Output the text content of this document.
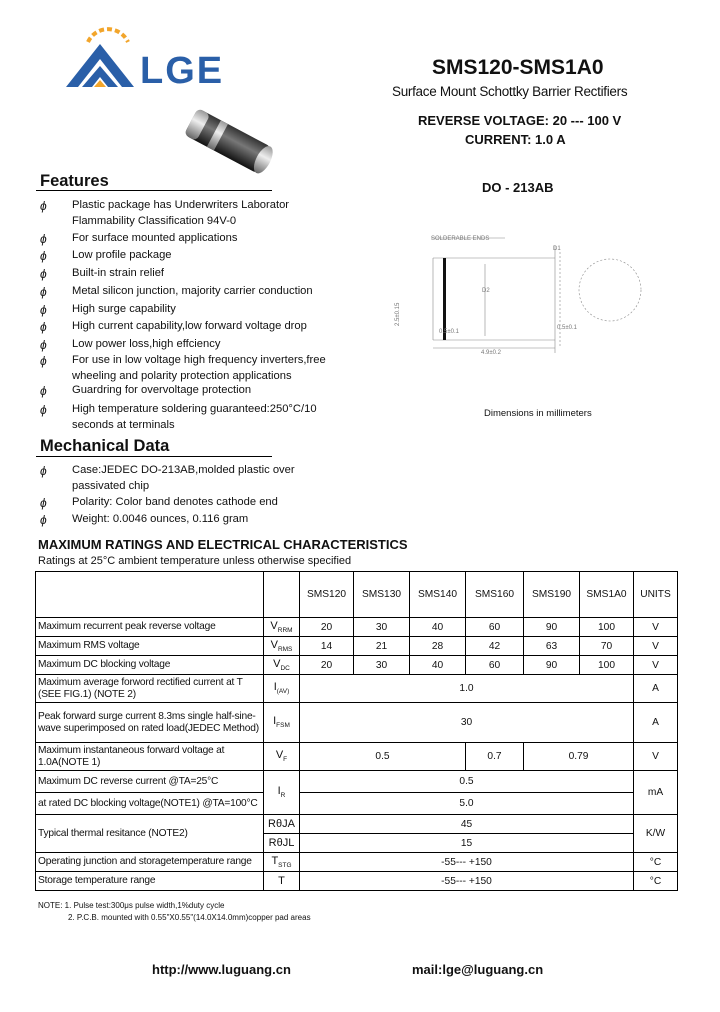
LGE	SMS120-SMS1A0
Surface Mount Schottky Barrier Rectifiers
REVERSE VOLTAGE: 20 --- 100 V
CURRENT: 1.0 A
DO - 213AB
Features
ϕ Plastic package has Underwriters Laborator Flammability Classification 94V-0
ϕ For surface mounted applications
ϕ Low profile package
ϕ Built-in strain relief
ϕ Metal silicon junction, majority carrier conduction
ϕ High surge capability
ϕ High current capability,low forward voltage drop
ϕ Low power loss,high effciency
ϕ For use in low voltage high frequency inverters,free wheeling and polarity protection applications
ϕ Guardring for overvoltage protection
ϕ High temperature soldering guaranteed:250°C/10 seconds at terminals
Mechanical Data
ϕ Case:JEDEC DO-213AB,molded plastic over passivated chip
ϕ Polarity: Color band denotes cathode end
ϕ Weight: 0.0046 ounces, 0.116 gram
SOLDERABLE ENDS
4.9±0.2
0.5±0.1
D2
D1
0.5±0.1
2.5±0.15
Dimensions in millimeters
MAXIMUM RATINGS AND ELECTRICAL CHARACTERISTICS
Ratings at 25°C ambient temperature unless otherwise specified
		SMS120	SMS130	SMS140	SMS160	SMS190	SMS1A0	UNITS
Maximum recurrent peak reverse voltage	$V_{RRM}$	20	30	40	60	90	100	V
Maximum RMS voltage	$V_{RMS}$	14	21	28	42	63	70	V
Maximum DC blocking voltage	$V_{DC}$	20	30	40	60	90	100	V
Maximum average forword rectified current at T (SEE FIG.1) (NOTE 2)	$I_{(AV)}$	1.0						A
Peak forward surge current 8.3ms single half-sine-wave superimposed on rated load(JEDEC Method)	$I_{FSM}$	30						A
Maximum instantaneous forward voltage at 1.0A(NOTE 1)	$V_F$	0.5			0.7	0.79		V
Maximum DC reverse current @TA=25°C	$I_R$	0.5						mA
at rated DC blocking voltage(NOTE1) @TA=100°C		5.0						
Typical thermal resitance (NOTE2)	RθJA	45						K/W
	RθJL	15						
Operating junction and storagetemperature range	$T_{STG}$	-55--- +150						°C
Storage temperature range	T	-55--- +150						°C
NOTE: 1. Pulse test:300μs pulse width,1%duty cycle
2. P.C.B. mounted with 0.55"X0.55"(14.0X14.0mm)copper pad areas
http://www.luguang.cn	mail:lge@luguang.cn
